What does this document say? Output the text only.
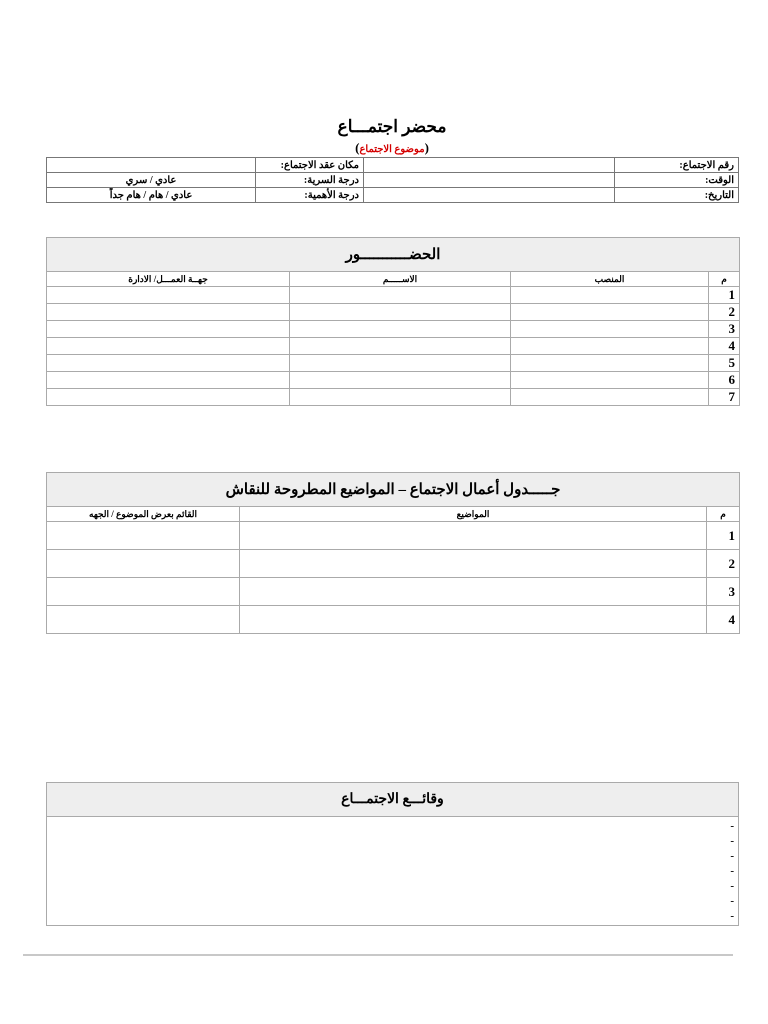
محضر اجتمـــاع
(موضوع الاجتماع)
رقم الاجتماع:		مكان عقد الاجتماع:	
الوقت:		درجة السرية:	عادي / سري
التاريخ:		درجة الأهمية:	عادي / هام / هام جداً
الحضـــــــــــور			
م	المنصب	الاســـــم	جهــة العمـــل/ الادارة
1			
2			
3			
4			
5			
6			
7			
جـــــدول أعمال الاجتماع – المواضيع المطروحة للنقاش		
م	المواضيع	القائم بعرض الموضوع / الجهه
1		
2		
3		
4		
وقائـــع الاجتمـــاع

-
-
-
-
-
-
-
